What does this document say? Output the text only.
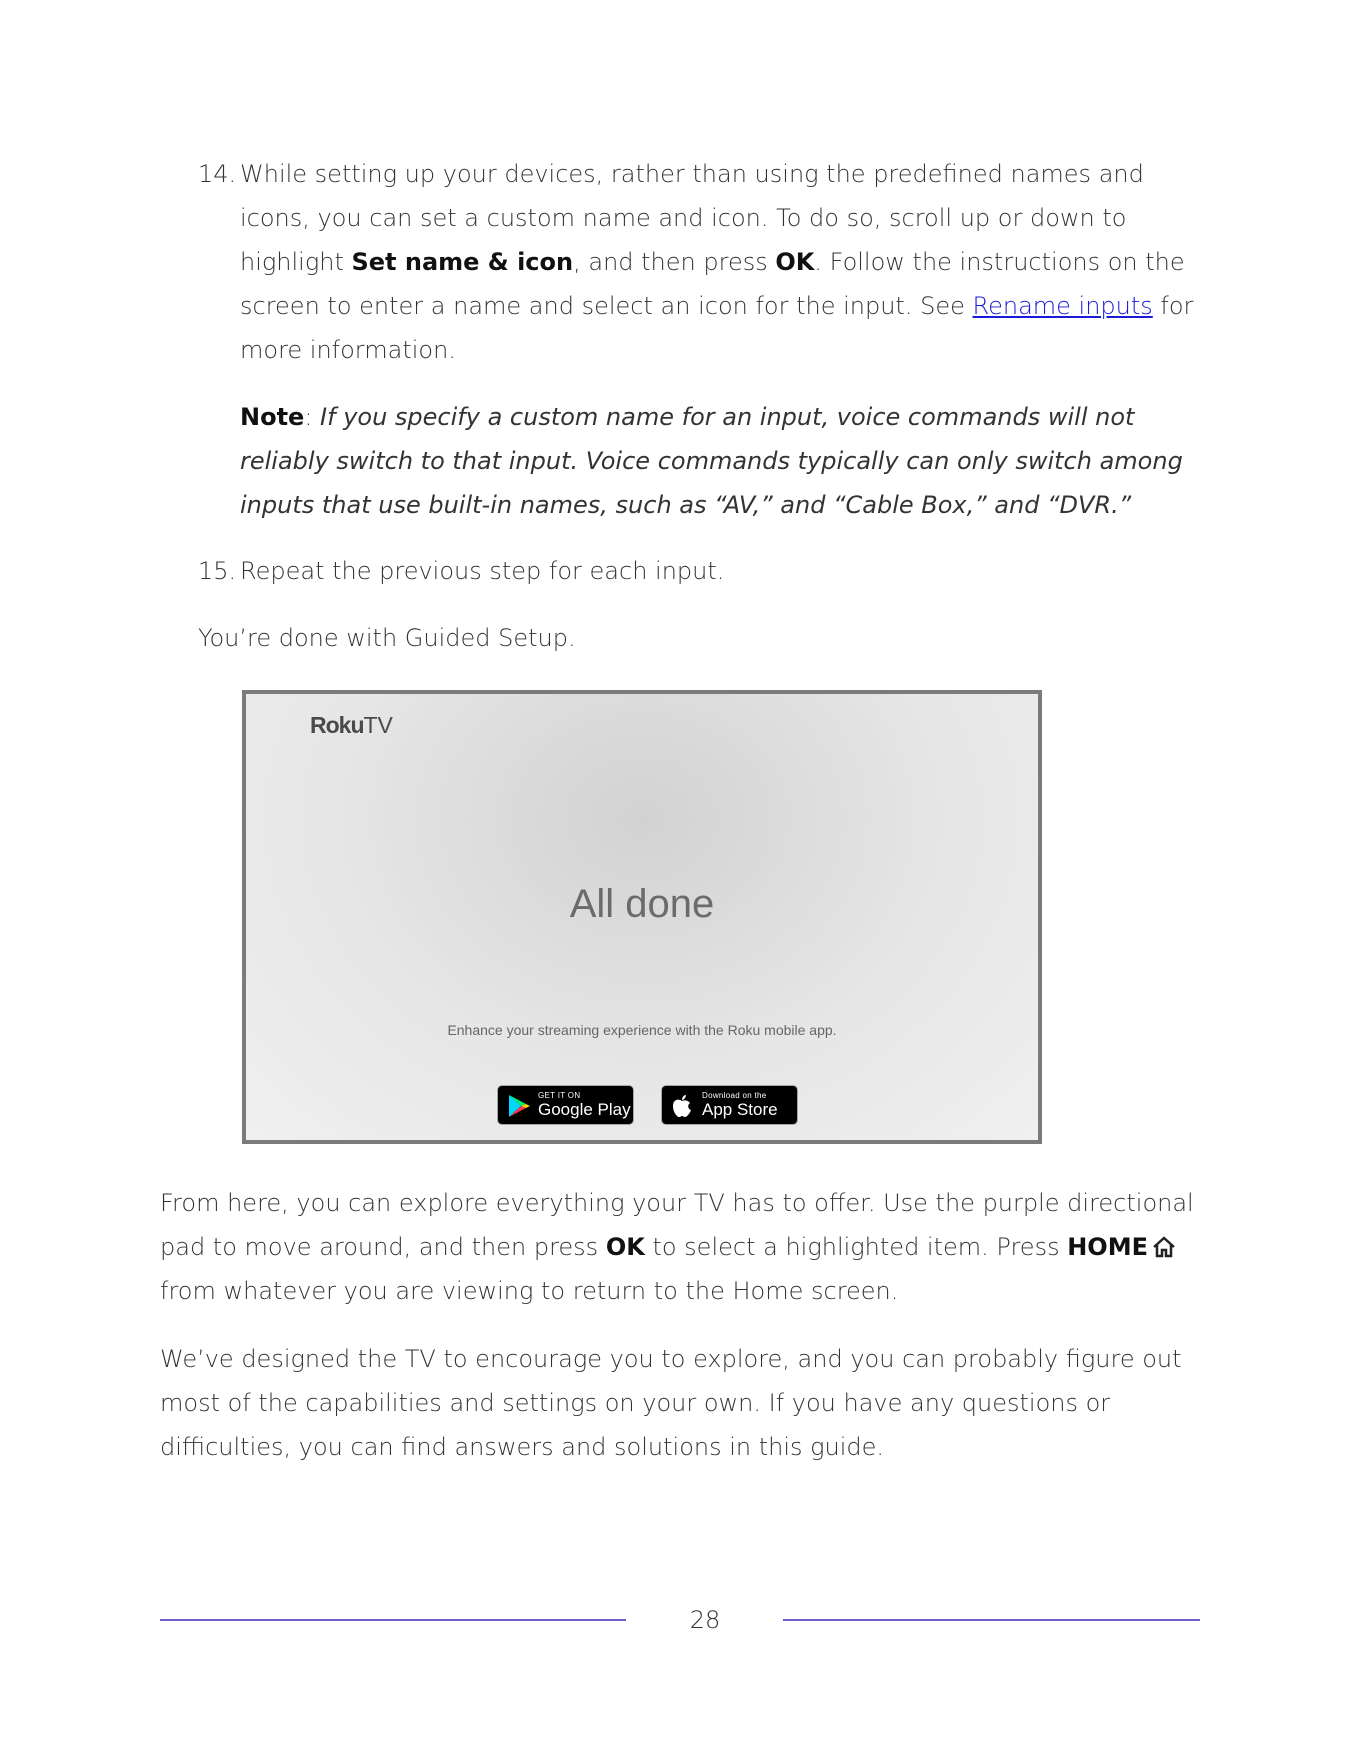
14. While setting up your devices, rather than using the predefined names and icons, you can set a custom name and icon. To do so, scroll up or down to highlight Set name & icon, and then press OK. Follow the instructions on the screen to enter a name and select an icon for the input. See Rename inputs for more information.
Note: If you specify a custom name for an input, voice commands will not reliably switch to that input. Voice commands typically can only switch among inputs that use built-in names, such as “AV,” and “Cable Box,” and “DVR.”
15. Repeat the previous step for each input.
You’re done with Guided Setup.
RokuTV
All done
Enhance your streaming experience with the Roku mobile app.
GET IT ON
Google Play
Download on the
App Store
From here, you can explore everything your TV has to offer. Use the purple directional pad to move around, and then press OK to select a highlighted item. Press HOME from whatever you are viewing to return to the Home screen.
We’ve designed the TV to encourage you to explore, and you can probably figure out most of the capabilities and settings on your own. If you have any questions or difficulties, you can find answers and solutions in this guide.
28
